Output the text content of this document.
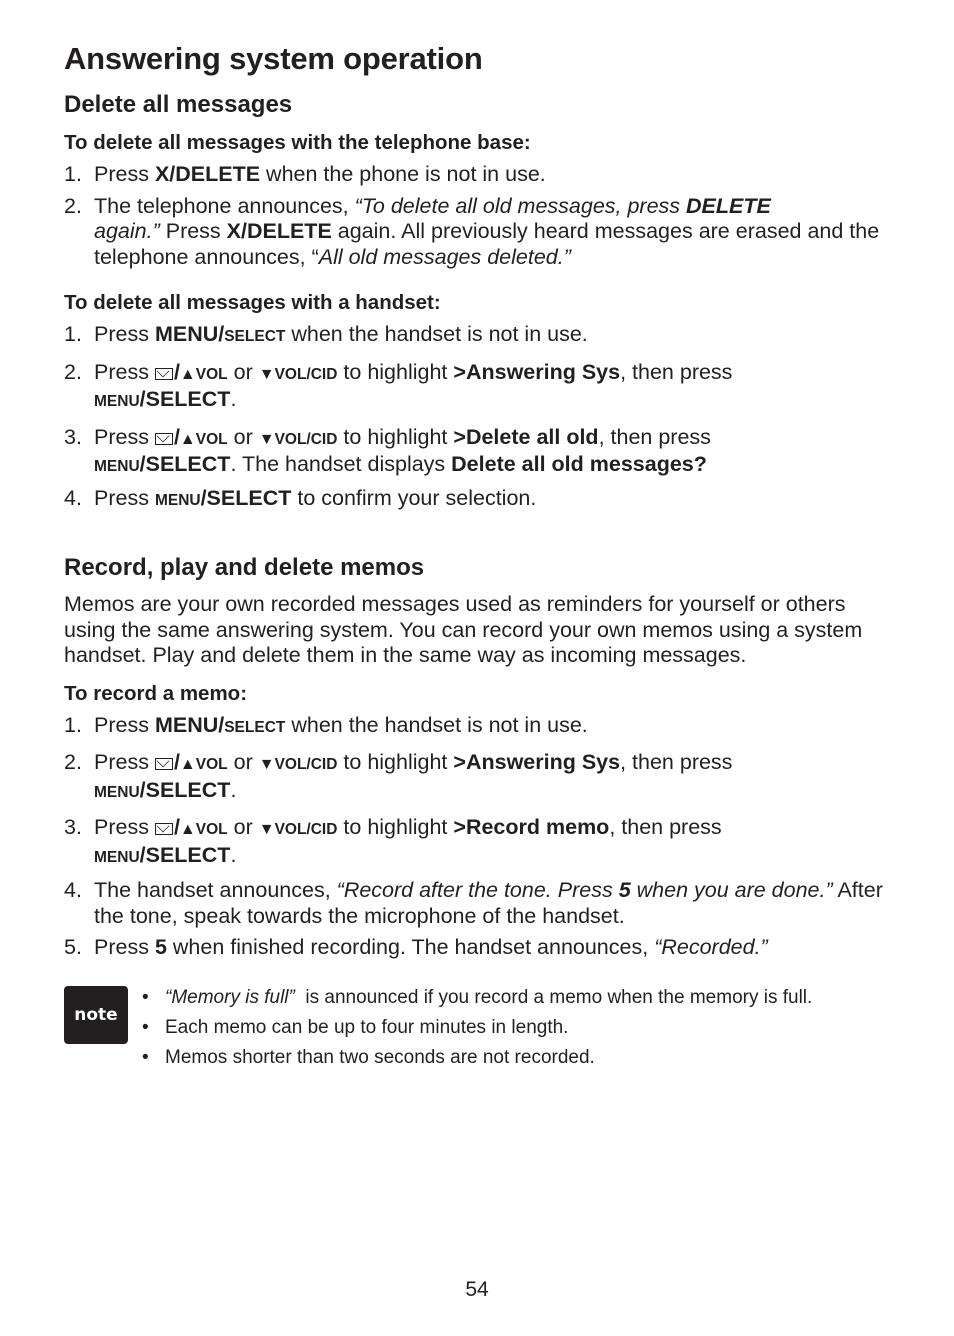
Answering system operation
Delete all messages

To delete all messages with the telephone base:

1. Press X/DELETE when the phone is not in use.
2. The telephone announces, “To delete all old messages, press DELETE
again.” Press X/DELETE again. All previously heard messages are erased and the telephone announces, “All old messages deleted.”

To delete all messages with a handset:

1. Press MENU/SELECT when the handset is not in use.
2. Press /▲VOL or ▼VOL/CID to highlight >Answering Sys, then press
MENU/SELECT.
3. Press /▲VOL or ▼VOL/CID to highlight >Delete all old, then press
MENU/SELECT. The handset displays Delete all old messages?
4. Press MENU/SELECT to confirm your selection.
Record, play and delete memos

Memos are your own recorded messages used as reminders for yourself or others using the same answering system. You can record your own memos using a system handset. Play and delete them in the same way as incoming messages.

To record a memo:

1. Press MENU/SELECT when the handset is not in use.
2. Press /▲VOL or ▼VOL/CID to highlight >Answering Sys, then press
MENU/SELECT.
3. Press /▲VOL or ▼VOL/CID to highlight >Record memo, then press
MENU/SELECT.
4. The handset announces, “Record after the tone. Press 5 when you are done.” After the tone, speak towards the microphone of the handset.
5. Press 5 when finished recording. The handset announces, “Recorded.”
note
• “Memory is full”  is announced if you record a memo when the memory is full.
• Each memo can be up to four minutes in length.
• Memos shorter than two seconds are not recorded.
54
